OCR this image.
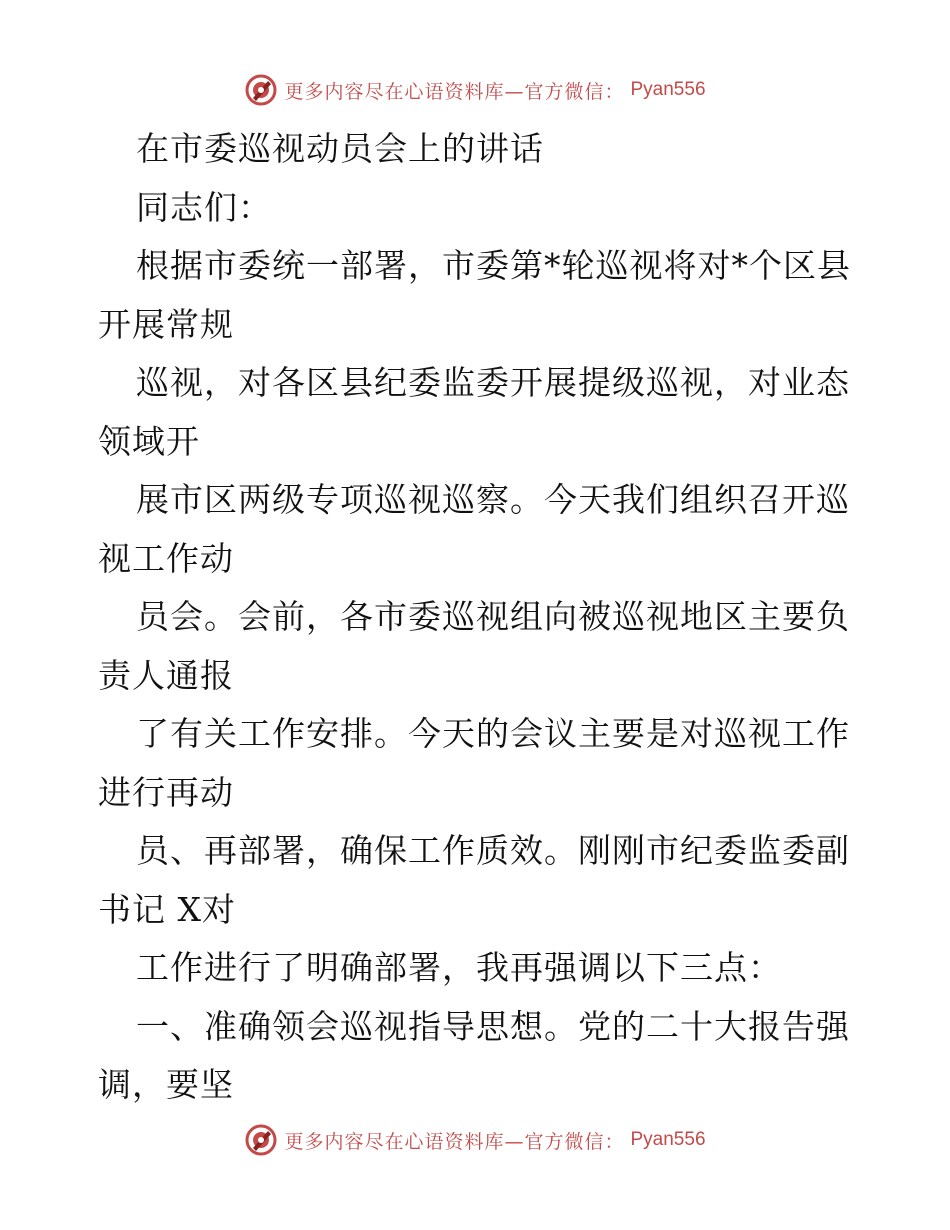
更多内容尽在心语资料库—官方微信： Pyan556
在市委巡视动员会上的讲话
同志们：
根据市委统一部署，市委第*轮巡视将对*个区县
开展常规
巡视，对各区县纪委监委开展提级巡视，对业态
领域开
展市区两级专项巡视巡察。今天我们组织召开巡
视工作动
员会。会前，各市委巡视组向被巡视地区主要负
责人通报
了有关工作安排。今天的会议主要是对巡视工作
进行再动
员、再部署，确保工作质效。刚刚市纪委监委副
书记 X对
工作进行了明确部署，我再强调以下三点：
一、准确领会巡视指导思想。党的二十大报告强
调，要坚
更多内容尽在心语资料库—官方微信： Pyan556
